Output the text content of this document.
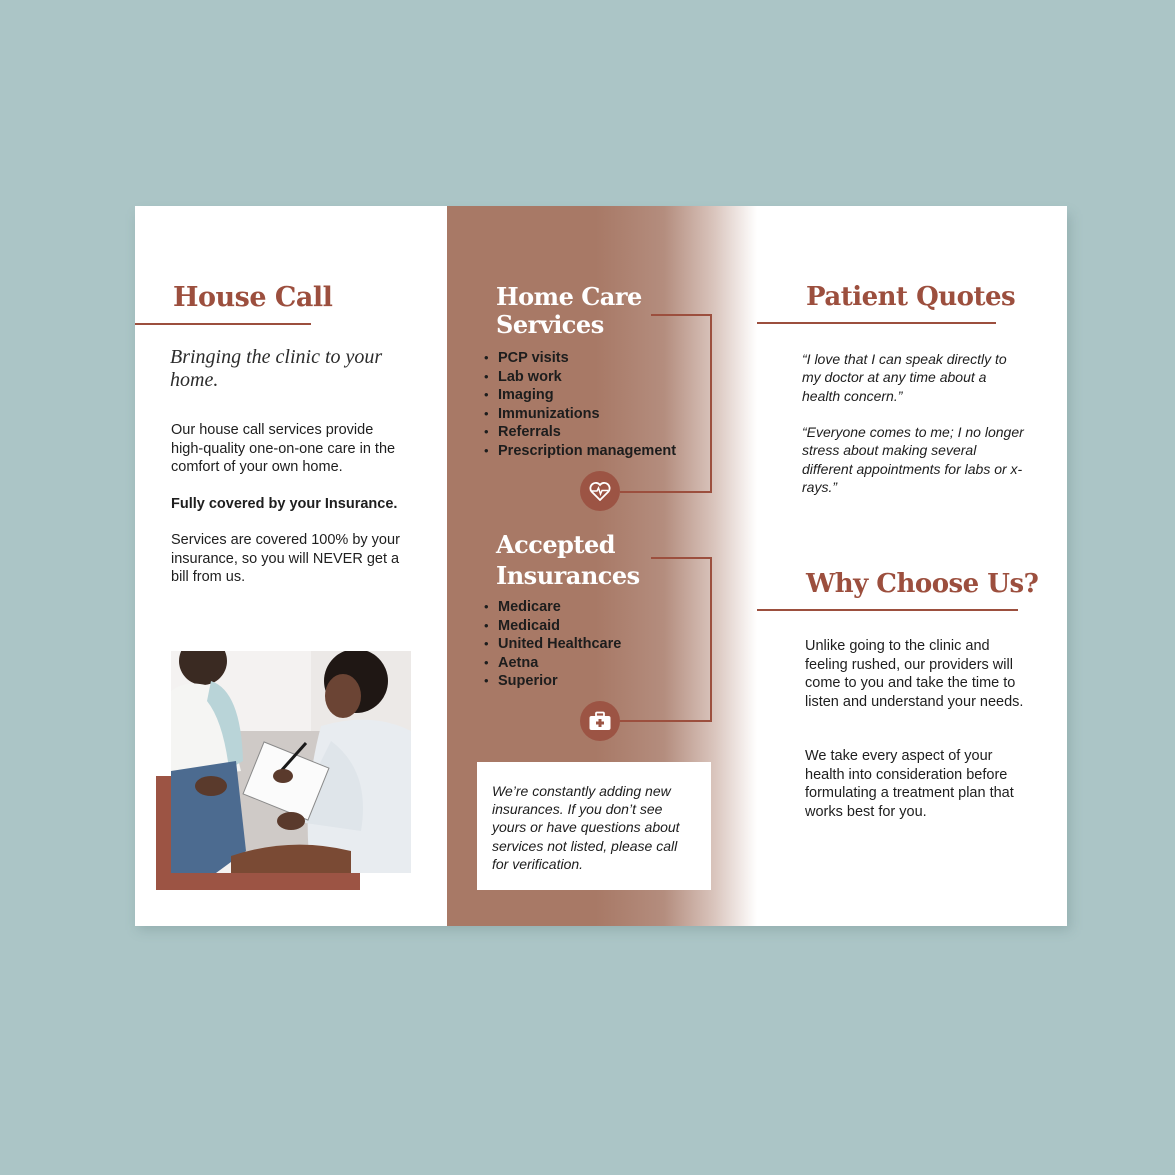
House Call
Bringing the clinic to your home.
Our house call services provide high-quality one-on-one care in the comfort of your own home.
Fully covered by your Insurance.
Services are covered 100% by your insurance, so you will NEVER get a bill from us.
Home Care
Services
• PCP visits
• Lab work
• Imaging
• Immunizations
• Referrals
• Prescription management
Accepted
Insurances
• Medicare
• Medicaid
• United Healthcare
• Aetna
• Superior
We’re constantly adding new insurances. If you don’t see yours or have questions about services not listed, please call for verification.
Patient Quotes
“I love that I can speak directly to my doctor at any time about a health concern.”
“Everyone comes to me; I no longer stress about making several different appointments for labs or x-rays.”
Why Choose Us?
Unlike going to the clinic and feeling rushed, our providers will come to you and take the time to listen and understand your needs.
We take every aspect of your health into consideration before formulating a treatment plan that works best for you.
